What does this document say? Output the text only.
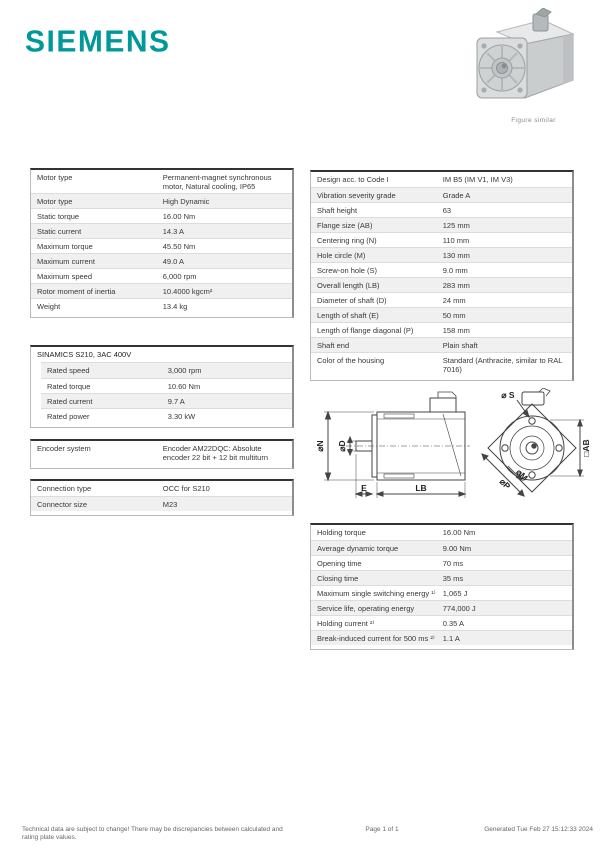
SIEMENS
Figure similar
Motor type	Permanent-magnet synchronous motor, Natural cooling, IP65
Motor type	High Dynamic
Static torque	16.00 Nm
Static current	14.3 A
Maximum torque	45.50 Nm
Maximum current	49.0 A
Maximum speed	6,000 rpm
Rotor moment of inertia	10.4000 kgcm²
Weight	13.4 kg
SINAMICS S210, 3AC 400V
Rated speed	3,000 rpm
Rated torque	10.60 Nm
Rated current	9.7 A
Rated power	3.30 kW
Encoder system	Encoder AM22DQC: Absolute encoder 22 bit + 12 bit multiturn
Connection type	OCC for S210
Connector size	M23
Design acc. to Code I	IM B5 (IM V1, IM V3)
Vibration severity grade	Grade A
Shaft height	63
Flange size (AB)	125 mm
Centering ring (N)	110 mm
Hole circle (M)	130 mm
Screw-on hole (S)	9.0 mm
Overall length (LB)	283 mm
Diameter of shaft (D)	24 mm
Length of shaft (E)	50 mm
Length of flange diagonal (P)	158 mm
Shaft end	Plain shaft
Color of the housing	Standard (Anthracite, similar to RAL 7016)
⌀N ⌀D
E	LB
⌀ S
□AB
⌀M
⌀P
Holding torque	16.00 Nm
Average dynamic torque	9.00 Nm
Opening time	70 ms
Closing time	35 ms
Maximum single switching energy ¹⁾ 1,065 J
Service life, operating energy	774,000 J
Holding current ²⁾	0.35 A
Break-induced current for 500 ms ²⁾	1.1 A
Technical data are subject to change! There may be discrepancies between calculated and rating plate values.
Page 1 of 1	Generated Tue Feb 27 15:12:33 2024
